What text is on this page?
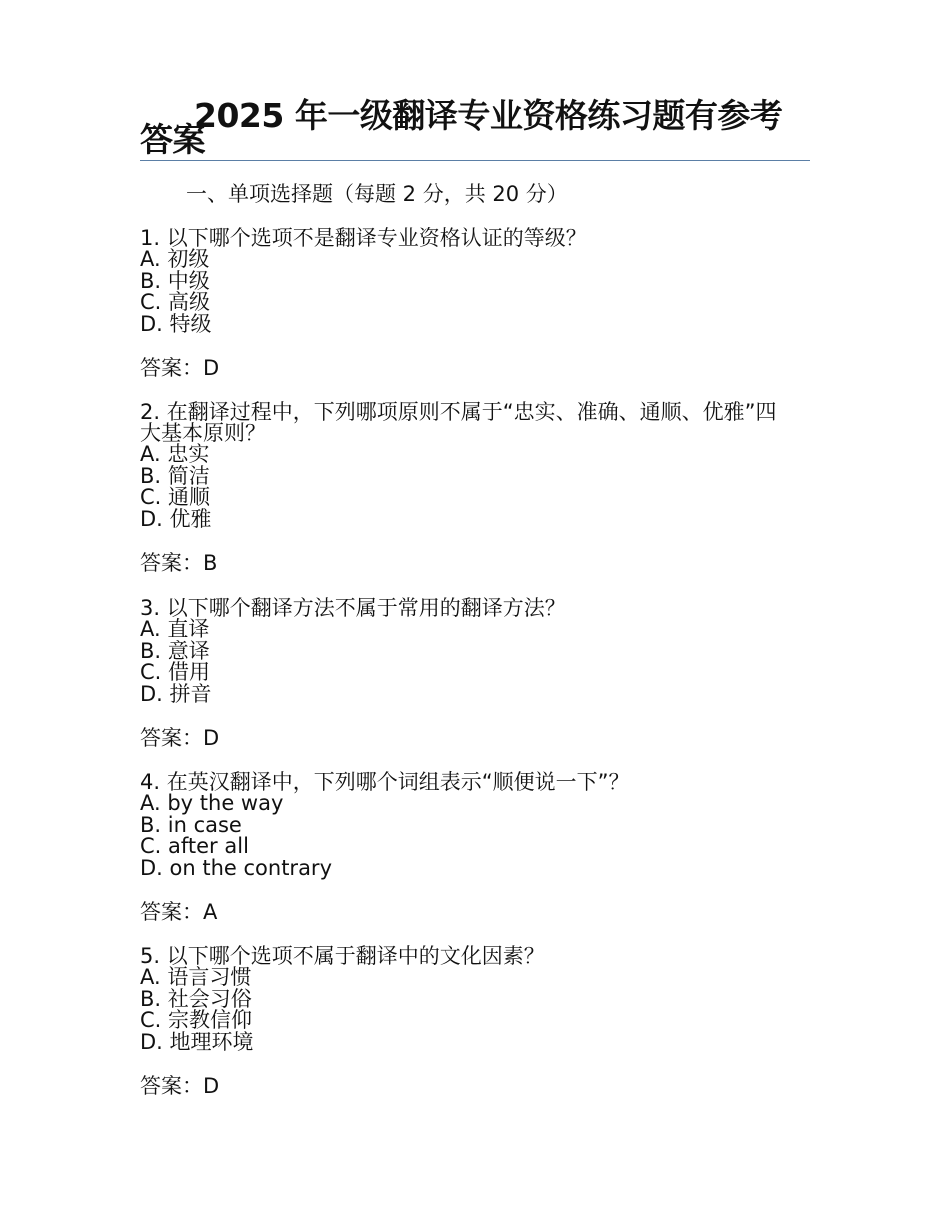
2025 年一级翻译专业资格练习题有参考答案
一、单项选择题（每题 2 分，共 20 分）
1. 以下哪个选项不是翻译专业资格认证的等级？
A. 初级
B. 中级
C. 高级
D. 特级
答案：D
2. 在翻译过程中，下列哪项原则不属于“忠实、准确、通顺、优雅”四大基本原则？
A. 忠实
B. 简洁
C. 通顺
D. 优雅
答案：B
3. 以下哪个翻译方法不属于常用的翻译方法？
A. 直译
B. 意译
C. 借用
D. 拼音
答案：D
4. 在英汉翻译中，下列哪个词组表示“顺便说一下”？
A. by the way
B. in case
C. after all
D. on the contrary
答案：A
5. 以下哪个选项不属于翻译中的文化因素？
A. 语言习惯
B. 社会习俗
C. 宗教信仰
D. 地理环境
答案：D
